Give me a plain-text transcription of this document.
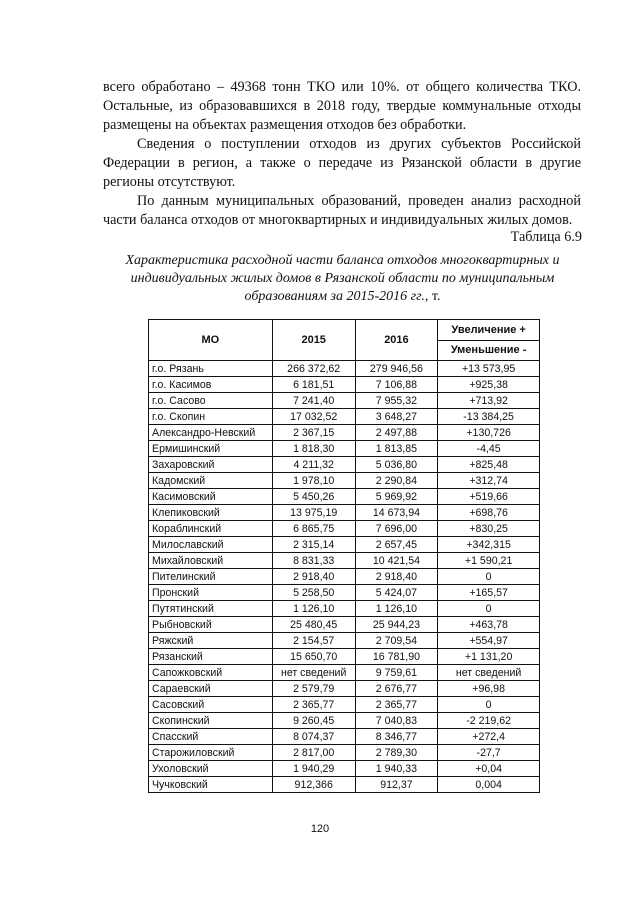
всего обработано – 49368 тонн ТКО или 10%. от общего количества ТКО. Остальные, из образовавшихся в 2018 году, твердые коммунальные отходы размещены на объектах размещения отходов без обработки.

Сведения о поступлении отходов из других субъектов Российской Федерации в регион, а также о передаче из Рязанской области в другие регионы отсутствуют.

По данным муниципальных образований, проведен анализ расходной части баланса отходов от многоквартирных и индивидуальных жилых домов.

Таблица 6.9
Характеристика расходной части баланса отходов многоквартирных и индивидуальных жилых домов в Рязанской области по муниципальным образованиям за 2015-2016 гг., т.
МО	2015	2016	Увеличение +
			Уменьшение -
г.о. Рязань	266 372,62	279 946,56	+13 573,95
г.о. Касимов	6 181,51	7 106,88	+925,38
г.о. Сасово	7 241,40	7 955,32	+713,92
г.о. Скопин	17 032,52	3 648,27	-13 384,25
Александро-Невский	2 367,15	2 497,88	+130,726
Ермишинский	1 818,30	1 813,85	-4,45
Захаровский	4 211,32	5 036,80	+825,48
Кадомский	1 978,10	2 290,84	+312,74
Касимовский	5 450,26	5 969,92	+519,66
Клепиковский	13 975,19	14 673,94	+698,76
Кораблинский	6 865,75	7 696,00	+830,25
Милославский	2 315,14	2 657,45	+342,315
Михайловский	8 831,33	10 421,54	+1 590,21
Пителинский	2 918,40	2 918,40	0
Пронский	5 258,50	5 424,07	+165,57
Путятинский	1 126,10	1 126,10	0
Рыбновский	25 480,45	25 944,23	+463,78
Ряжский	2 154,57	2 709,54	+554,97
Рязанский	15 650,70	16 781,90	+1 131,20
Сапожковский	нет сведений	9 759,61	нет сведений
Сараевский	2 579,79	2 676,77	+96,98
Сасовский	2 365,77	2 365,77	0
Скопинский	9 260,45	7 040,83	-2 219,62
Спасский	8 074,37	8 346,77	+272,4
Старожиловский	2 817,00	2 789,30	-27,7
Ухоловский	1 940,29	1 940,33	+0,04
Чучковский	912,366	912,37	0,004
120
